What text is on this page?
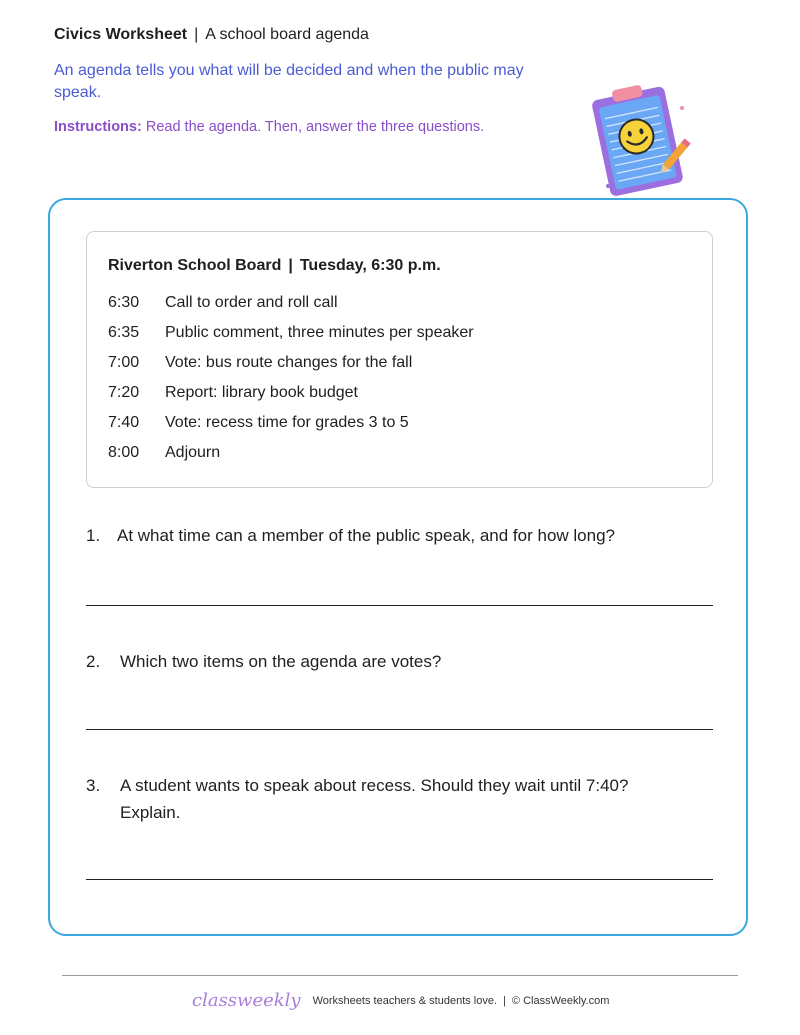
Civics Worksheet | A school board agenda
An agenda tells you what will be decided and when the public may speak.
Instructions: Read the agenda. Then, answer the three questions.
Riverton School Board | Tuesday, 6:30 p.m.
6:30 Call to order and roll call
6:35 Public comment, three minutes per speaker
7:00 Vote: bus route changes for the fall
7:20 Report: library book budget
7:40 Vote: recess time for grades 3 to 5
8:00 Adjourn
1. At what time can a member of the public speak, and for how long?
2. Which two items on the agenda are votes?
3. A student wants to speak about recess. Should they wait until 7:40? Explain.
classweekly Worksheets teachers & students love. | © ClassWeekly.com
